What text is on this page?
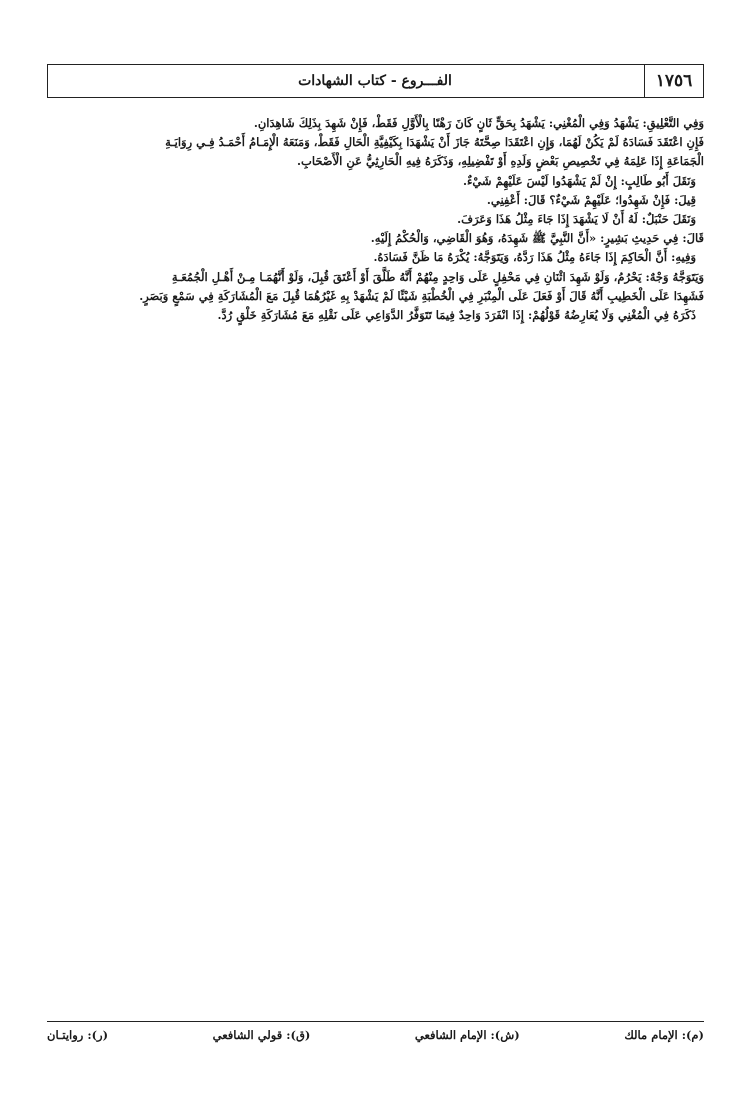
١٧٥٦
الفـــروع - كتاب الشهادات

وَفِي التَّعْلِيقِ: يَشْهَدُ وَفِي الْمُغْنِي: يَشْهَدُ بِحَقٍّ ثَانٍ كَانَ رَهْنًا بِالْأَوَّلِ فَقَطْ، فَإِنْ شَهِدَ بِذَلِكَ شَاهِدَانِ.

فَإِنِ اعْتَقَدَ فَسَادَهُ لَمْ يَكُنْ لَهُمَا، وَإِنِ اعْتَقَدَا صِحَّتَهُ جَازَ أَنْ يَشْهَدَا بِكَيْفِيَّةِ الْحَالِ فَقَطْ، وَمَنَعَهُ الْإِمَـامُ أَحْمَـدُ فِـي رِوَايَـةِ

الْجَمَاعَةِ إِذَا عَلِمَهُ فِي تَخْصِيصِ بَعْضٍ وَلَدِهِ أَوْ تَفْضِيلِهِ، وَذَكَرَهُ فِيهِ الْحَارِثِيُّ عَنِ الْأَصْحَابِ.

وَنَقَلَ أَبُو طَالِبٍ: إِنْ لَمْ يَشْهَدُوا لَيْسَ عَلَيْهِمْ شَيْءٌ.

قِيلَ: فَإِنْ شَهِدُوا؛ عَلَيْهِمْ شَيْءٌ؟ قَالَ: أَعْفِنِي.

وَنَقَلَ حَنْبَلٌ: لَهُ أَنْ لَا يَشْهَدَ إِذَا جَاءَ مِثْلُ هَذَا وَعَرَفَ.

قَالَ: فِي حَدِيثِ بَشِيرٍ: «أَنَّ النَّبِيَّ ﷺ شَهِدَهُ، وَهُوَ الْقَاضِي، وَالْحُكْمُ إِلَيْهِ.

وَفِيهِ: أَنَّ الْحَاكِمَ إِذَا جَاءَهُ مِثْلُ هَذَا رَدَّهُ، وَيَتَوَجَّهُ: يُكْرَهُ مَا ظَنَّ فَسَادَهُ.

وَيَتَوَجَّهُ وَجْهٌ: يَحْرُمُ، وَلَوْ شَهِدَ اثْنَانِ فِي مَحْفِلٍ عَلَى وَاحِدٍ مِنْهُمْ أَنَّهُ طَلَّقَ أَوْ أَعْتَقَ قُبِلَ، وَلَوْ أَنَّهُمَـا مِـنْ أَهْـلِ الْجُمُعَـةِ

فَشَهِدَا عَلَى الْخَطِيبِ أَنَّهُ قَالَ أَوْ فَعَلَ عَلَى الْمِنْبَرِ فِي الْخُطْبَةِ شَيْئًا لَمْ يَشْهَدْ بِهِ غَيْرُهُمَا قُبِلَ مَعَ الْمُشَارَكَةِ فِي سَمْعٍ وَبَصَرٍ.

ذَكَرَهُ فِي الْمُغْنِي وَلَا يُعَارِضُهُ قَوْلُهُمْ: إِذَا انْفَرَدَ وَاحِدٌ فِيمَا تَتَوَفَّرُ الدَّوَاعِي عَلَى نَقْلِهِ مَعَ مُشَارَكَةِ خَلْقٍ رُدَّ.

(م): الإمام مالك
(ش): الإمام الشافعي
(ق): قولي الشافعي
(ر): روايتـان
